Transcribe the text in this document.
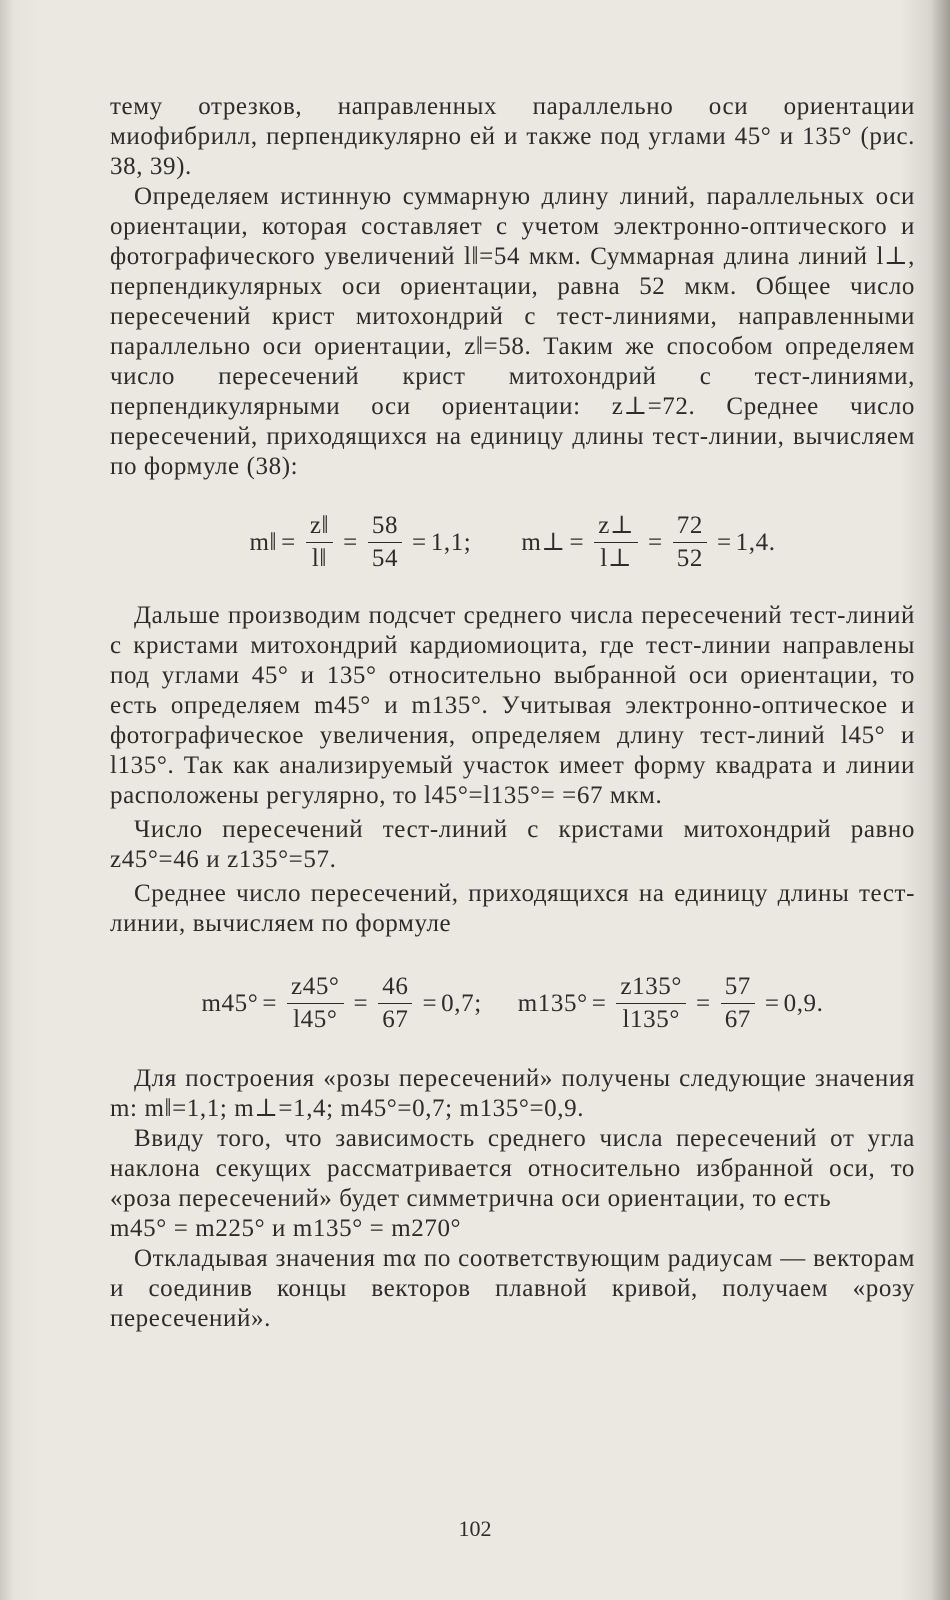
тему отрезков, направленных параллельно оси ориентации миофибрилл, перпендикулярно ей и также под углами 45° и 135° (рис. 38, 39).

Определяем истинную суммарную длину линий, параллельных оси ориентации, которая составляет с учетом электронно-оптического и фотографического увеличений l‖=54 мкм. Суммарная длина линий l⊥, перпендикулярных оси ориентации, равна 52 мкм. Общее число пересечений крист митохондрий с тест-линиями, направленными параллельно оси ориентации, z‖=58. Таким же способом определяем число пересечений крист митохондрий с тест-линиями, перпендикулярными оси ориентации: z⊥=72. Среднее число пересечений, приходящихся на единицу длины тест-линии, вычисляем по формуле (38):

m‖ = $\frac{z‖}{l‖} = \frac{58}{54} = 1,1$; m⊥ = $\frac{z\perp}{l\perp} = \frac{72}{52} = 1,4$.

Дальше производим подсчет среднего числа пересечений тест-линий с кристами митохондрий кардиомиоцита, где тест-линии направлены под углами 45° и 135° относительно выбранной оси ориентации, то есть определяем m45° и m135°. Учитывая электронно-оптическое и фотографическое увеличения, определяем длину тест-линий l45° и l135°. Так как анализируемый участок имеет форму квадрата и линии расположены регулярно, то l45°=l135°= =67 мкм.

Число пересечений тест-линий с кристами митохондрий равно z45°=46 и z135°=57.

Среднее число пересечений, приходящихся на единицу длины тест-линии, вычисляем по формуле

$m45^\circ = \frac{z45^\circ}{l45^\circ} = \frac{46}{67} = 0,7$; $m135^\circ = \frac{z135^\circ}{l135^\circ} = \frac{57}{67} = 0,9$.

Для построения «розы пересечений» получены следующие значения m: m‖=1,1; m⊥=1,4; m45°=0,7; m135°=0,9.

Ввиду того, что зависимость среднего числа пересечений от угла наклона секущих рассматривается относительно избранной оси, то «роза пересечений» будет симметрична оси ориентации, то есть

m45° = m225° и m135° = m270°

Откладывая значения mα по соответствующим радиусам — векторам и соединив концы векторов плавной кривой, получаем «розу пересечений».

102
